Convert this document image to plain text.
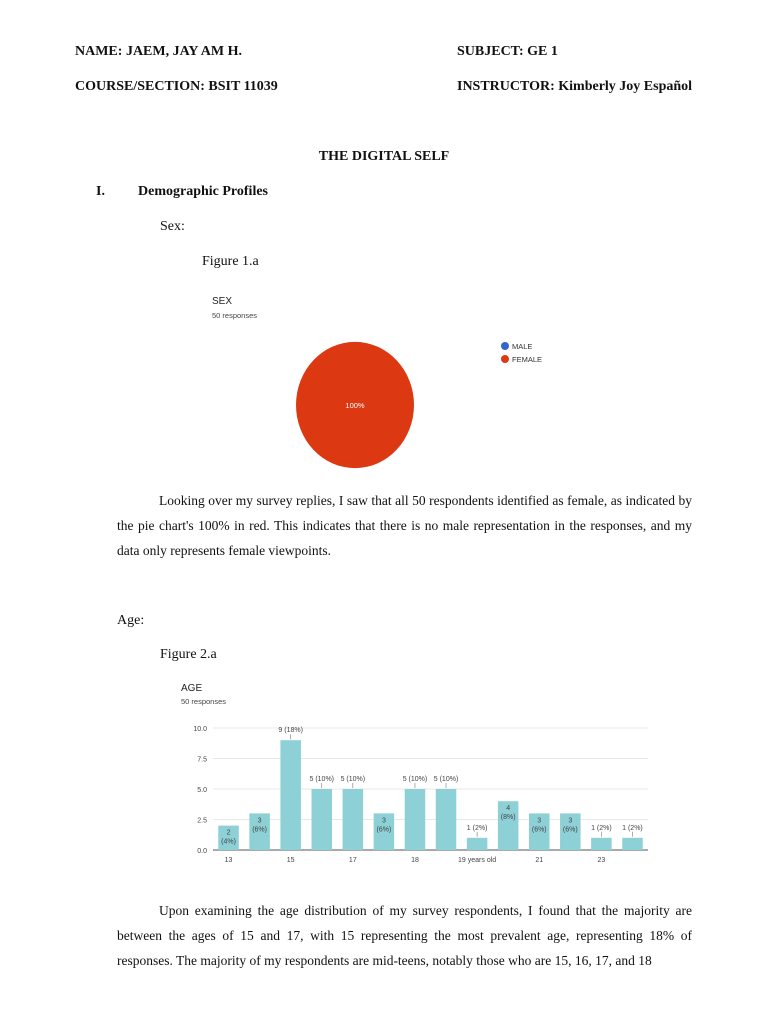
NAME: JAEM, JAY AM H.	SUBJECT: GE 1
COURSE/SECTION: BSIT 11039	INSTRUCTOR: Kimberly Joy Español
THE DIGITAL SELF
I. Demographic Profiles
Sex:
Figure 1.a
SEX
50 responses
100%
MALE
FEMALE
Looking over my survey replies, I saw that all 50 respondents identified as female, as indicated by the pie chart's 100% in red. This indicates that there is no male representation in the responses, and my data only represents female viewpoints.
Age:
Figure 2.a
AGE
50 responses
0.0
2.5
5.0
7.5
10.0
2
(4%)
3
(6%)
9 (18%)
5 (10%) 5 (10%)
3
(6%)
5 (10%) 5 (10%)
1 (2%)
4
(8%)	3
(6%)
3
(6%) 1 (2%) 1 (2%)
13	15	17	18	19 years old	21	23
Upon examining the age distribution of my survey respondents, I found that the majority are between the ages of 15 and 17, with 15 representing the most prevalent age, representing 18% of responses. The majority of my respondents are mid-teens, notably those who are 15, 16, 17, and 18
